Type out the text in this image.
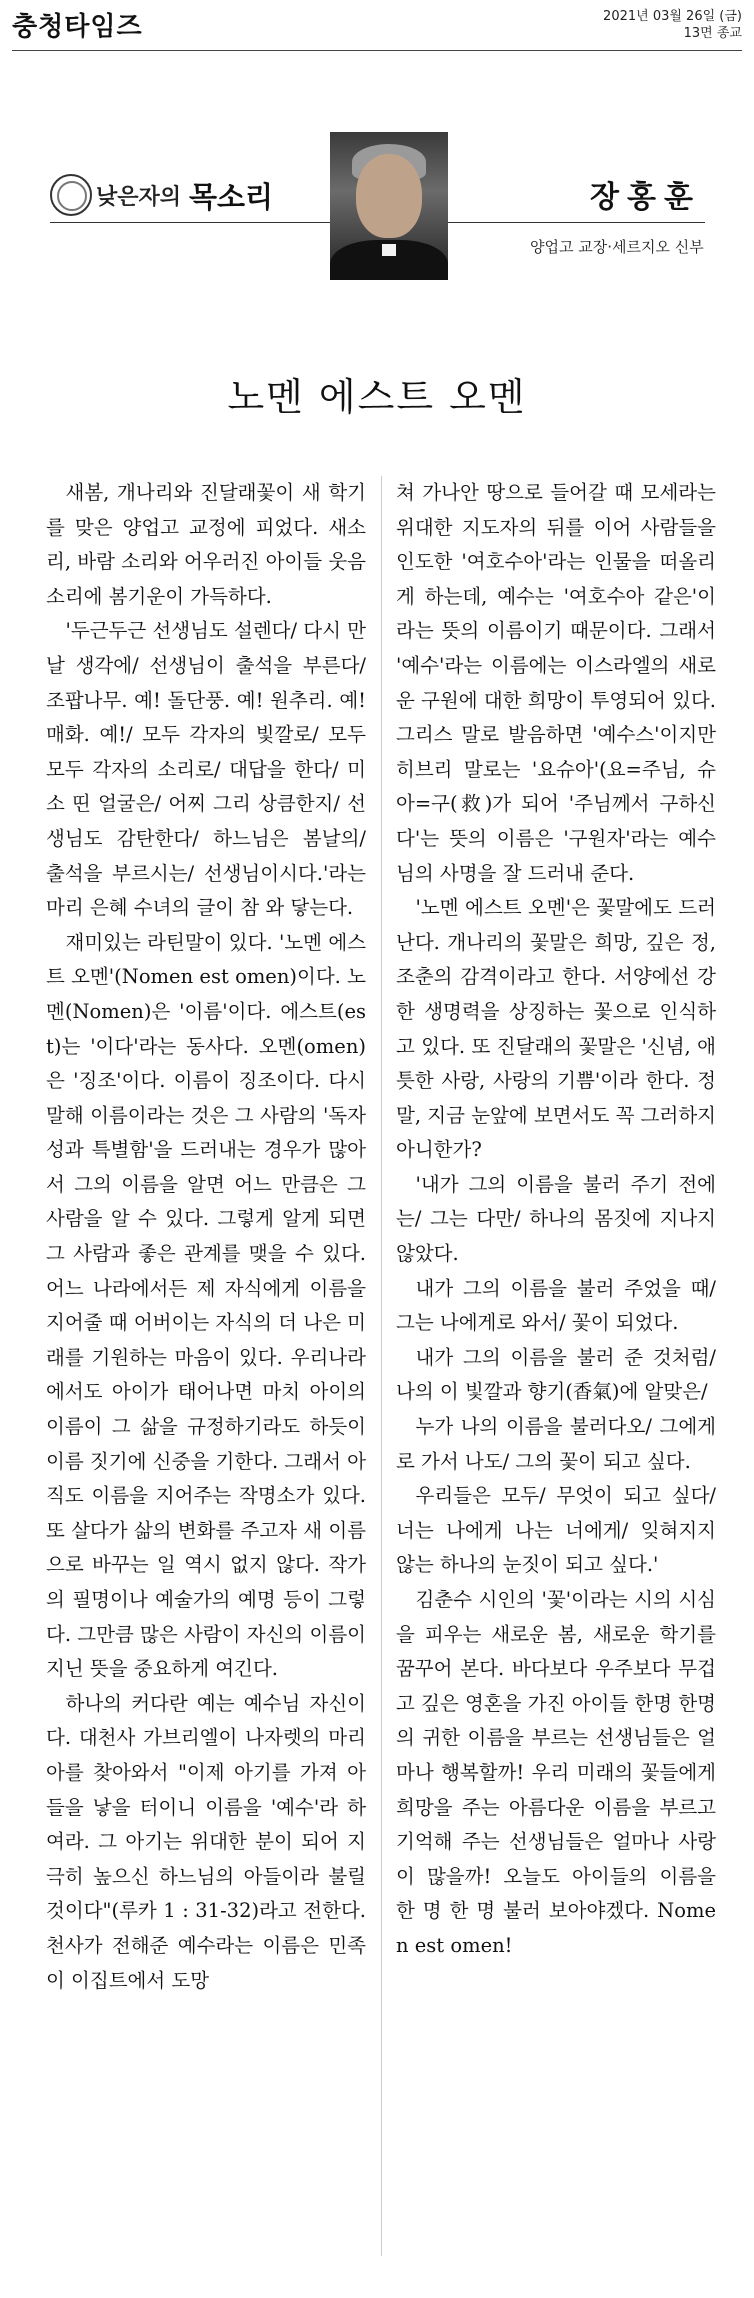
충청타임즈	2021년 03월 26일 (금)
13면 종교
낮은자의 목소리	장홍훈
양업고 교장·세르지오 신부
노멘 에스트 오멘

새봄, 개나리와 진달래꽃이 새 학기를 맞은 양업고 교정에 피었다. 새소리, 바람 소리와 어우러진 아이들 웃음소리에 봄기운이 가득하다.

'두근두근 선생님도 설렌다/ 다시 만날 생각에/ 선생님이 출석을 부른다/ 조팝나무. 예! 돌단풍. 예! 원추리. 예! 매화. 예!/ 모두 각자의 빛깔로/ 모두 모두 각자의 소리로/ 대답을 한다/ 미소 띤 얼굴은/ 어찌 그리 상큼한지/ 선생님도 감탄한다/ 하느님은 봄날의/ 출석을 부르시는/ 선생님이시다.'라는 마리 은혜 수녀의 글이 참 와 닿는다.

재미있는 라틴말이 있다. '노멘 에스트 오멘'(Nomen est omen)이다. 노멘(Nomen)은 '이름'이다. 에스트(est)는 '이다'라는 동사다. 오멘(omen)은 '징조'이다. 이름이 징조이다. 다시 말해 이름이라는 것은 그 사람의 '독자성과 특별함'을 드러내는 경우가 많아서 그의 이름을 알면 어느 만큼은 그 사람을 알 수 있다. 그렇게 알게 되면 그 사람과 좋은 관계를 맺을 수 있다. 어느 나라에서든 제 자식에게 이름을 지어줄 때 어버이는 자식의 더 나은 미래를 기원하는 마음이 있다. 우리나라에서도 아이가 태어나면 마치 아이의 이름이 그 삶을 규정하기라도 하듯이 이름 짓기에 신중을 기한다. 그래서 아직도 이름을 지어주는 작명소가 있다. 또 살다가 삶의 변화를 주고자 새 이름으로 바꾸는 일 역시 없지 않다. 작가의 필명이나 예술가의 예명 등이 그렇다. 그만큼 많은 사람이 자신의 이름이 지닌 뜻을 중요하게 여긴다.

하나의 커다란 예는 예수님 자신이다. 대천사 가브리엘이 나자렛의 마리아를 찾아와서 "이제 아기를 가져 아들을 낳을 터이니 이름을 '예수'라 하여라. 그 아기는 위대한 분이 되어 지극히 높으신 하느님의 아들이라 불릴 것이다"(루카 1 : 31-32)라고 전한다. 천사가 전해준 예수라는 이름은 민족이 이집트에서 도망

쳐 가나안 땅으로 들어갈 때 모세라는 위대한 지도자의 뒤를 이어 사람들을 인도한 '여호수아'라는 인물을 떠올리게 하는데, 예수는 '여호수아 같은'이라는 뜻의 이름이기 때문이다. 그래서 '예수'라는 이름에는 이스라엘의 새로운 구원에 대한 희망이 투영되어 있다. 그리스 말로 발음하면 '예수스'이지만 히브리 말로는 '요슈아'(요=주님, 슈아=구(救)가 되어 '주님께서 구하신다'는 뜻의 이름은 '구원자'라는 예수님의 사명을 잘 드러내 준다.

'노멘 에스트 오멘'은 꽃말에도 드러난다. 개나리의 꽃말은 희망, 깊은 정, 조춘의 감격이라고 한다. 서양에선 강한 생명력을 상징하는 꽃으로 인식하고 있다. 또 진달래의 꽃말은 '신념, 애틋한 사랑, 사랑의 기쁨'이라 한다. 정말, 지금 눈앞에 보면서도 꼭 그러하지 아니한가?

'내가 그의 이름을 불러 주기 전에는/ 그는 다만/ 하나의 몸짓에 지나지 않았다.

내가 그의 이름을 불러 주었을 때/ 그는 나에게로 와서/ 꽃이 되었다.

내가 그의 이름을 불러 준 것처럼/ 나의 이 빛깔과 향기(香氣)에 알맞은/

누가 나의 이름을 불러다오/ 그에게로 가서 나도/ 그의 꽃이 되고 싶다.

우리들은 모두/ 무엇이 되고 싶다/ 너는 나에게 나는 너에게/ 잊혀지지 않는 하나의 눈짓이 되고 싶다.'

김춘수 시인의 '꽃'이라는 시의 시심을 피우는 새로운 봄, 새로운 학기를 꿈꾸어 본다. 바다보다 우주보다 무겁고 깊은 영혼을 가진 아이들 한명 한명의 귀한 이름을 부르는 선생님들은 얼마나 행복할까! 우리 미래의 꽃들에게 희망을 주는 아름다운 이름을 부르고 기억해 주는 선생님들은 얼마나 사랑이 많을까! 오늘도 아이들의 이름을 한 명 한 명 불러 보아야겠다. Nomen est omen!
